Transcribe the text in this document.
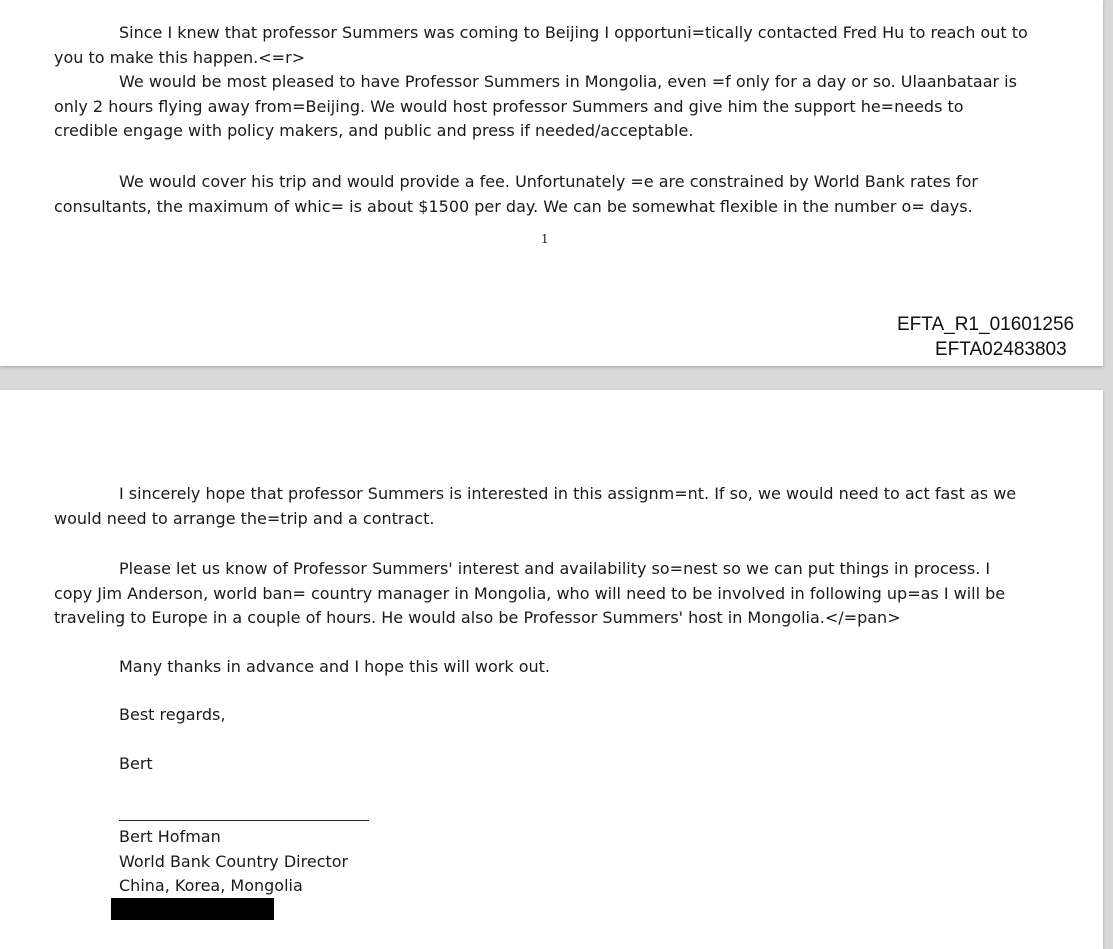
Since I knew that professor Summers was coming to Beijing I opportuni=tically contacted Fred Hu to reach out to
you to make this happen.<=r>
We would be most pleased to have Professor Summers in Mongolia, even =f only for a day or so. Ulaanbataar is
only 2 hours flying away from=Beijing. We would host professor Summers and give him the support he=needs to
credible engage with policy makers, and public and press if needed/acceptable.
We would cover his trip and would provide a fee. Unfortunately =e are constrained by World Bank rates for
consultants, the maximum of whic= is about $1500 per day. We can be somewhat flexible in the number o= days.
1
EFTA_R1_01601256
EFTA02483803
I sincerely hope that professor Summers is interested in this assignm=nt. If so, we would need to act fast as we
would need to arrange the=trip and a contract.
Please let us know of Professor Summers' interest and availability so=nest so we can put things in process. I
copy Jim Anderson, world ban= country manager in Mongolia, who will need to be involved in following up=as I will be
traveling to Europe in a couple of hours. He would also be Professor Summers' host in Mongolia.</=pan>
Many thanks in advance and I hope this will work out.
Best regards,
Bert
Bert Hofman
World Bank Country Director
China, Korea, Mongolia
